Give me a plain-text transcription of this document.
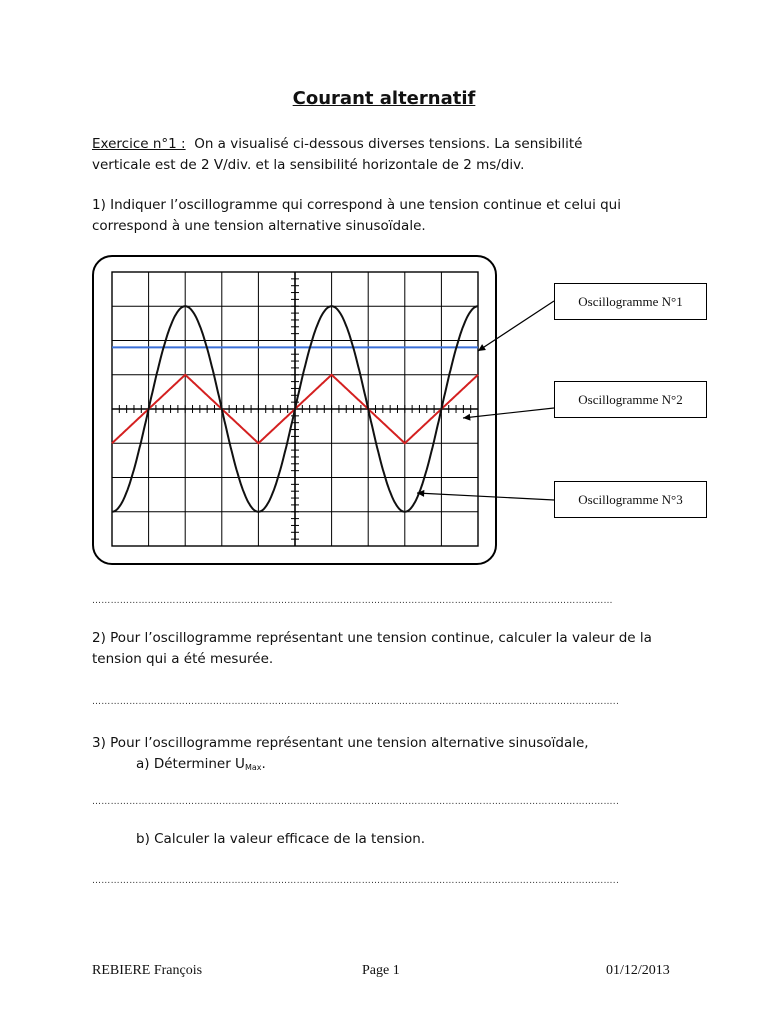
Courant alternatif
Exercice n°1 : On a visualisé ci-dessous diverses tensions. La sensibilité
verticale est de 2 V/div. et la sensibilité horizontale de 2 ms/div.
1) Indiquer l’oscillogramme qui correspond à une tension continue et celui qui
correspond à une tension alternative sinusoïdale.
Oscillogramme N°1
Oscillogramme N°2
Oscillogramme N°3
……………………………………………………………………………………………………………………………………………………
2) Pour l’oscillogramme représentant une tension continue, calculer la valeur de la
tension qui a été mesurée.
……………………………………………………………………………………………………………………………………………………..
3) Pour l’oscillogramme représentant une tension alternative sinusoïdale,
a) Déterminer $U_{Max}$.
……………………………………………………………………………………………………………………………………………………..
b) Calculer la valeur efficace de la tension.
……………………………………………………………………………………………………………………………………………………..
REBIERE François	Page 1	01/12/2013
